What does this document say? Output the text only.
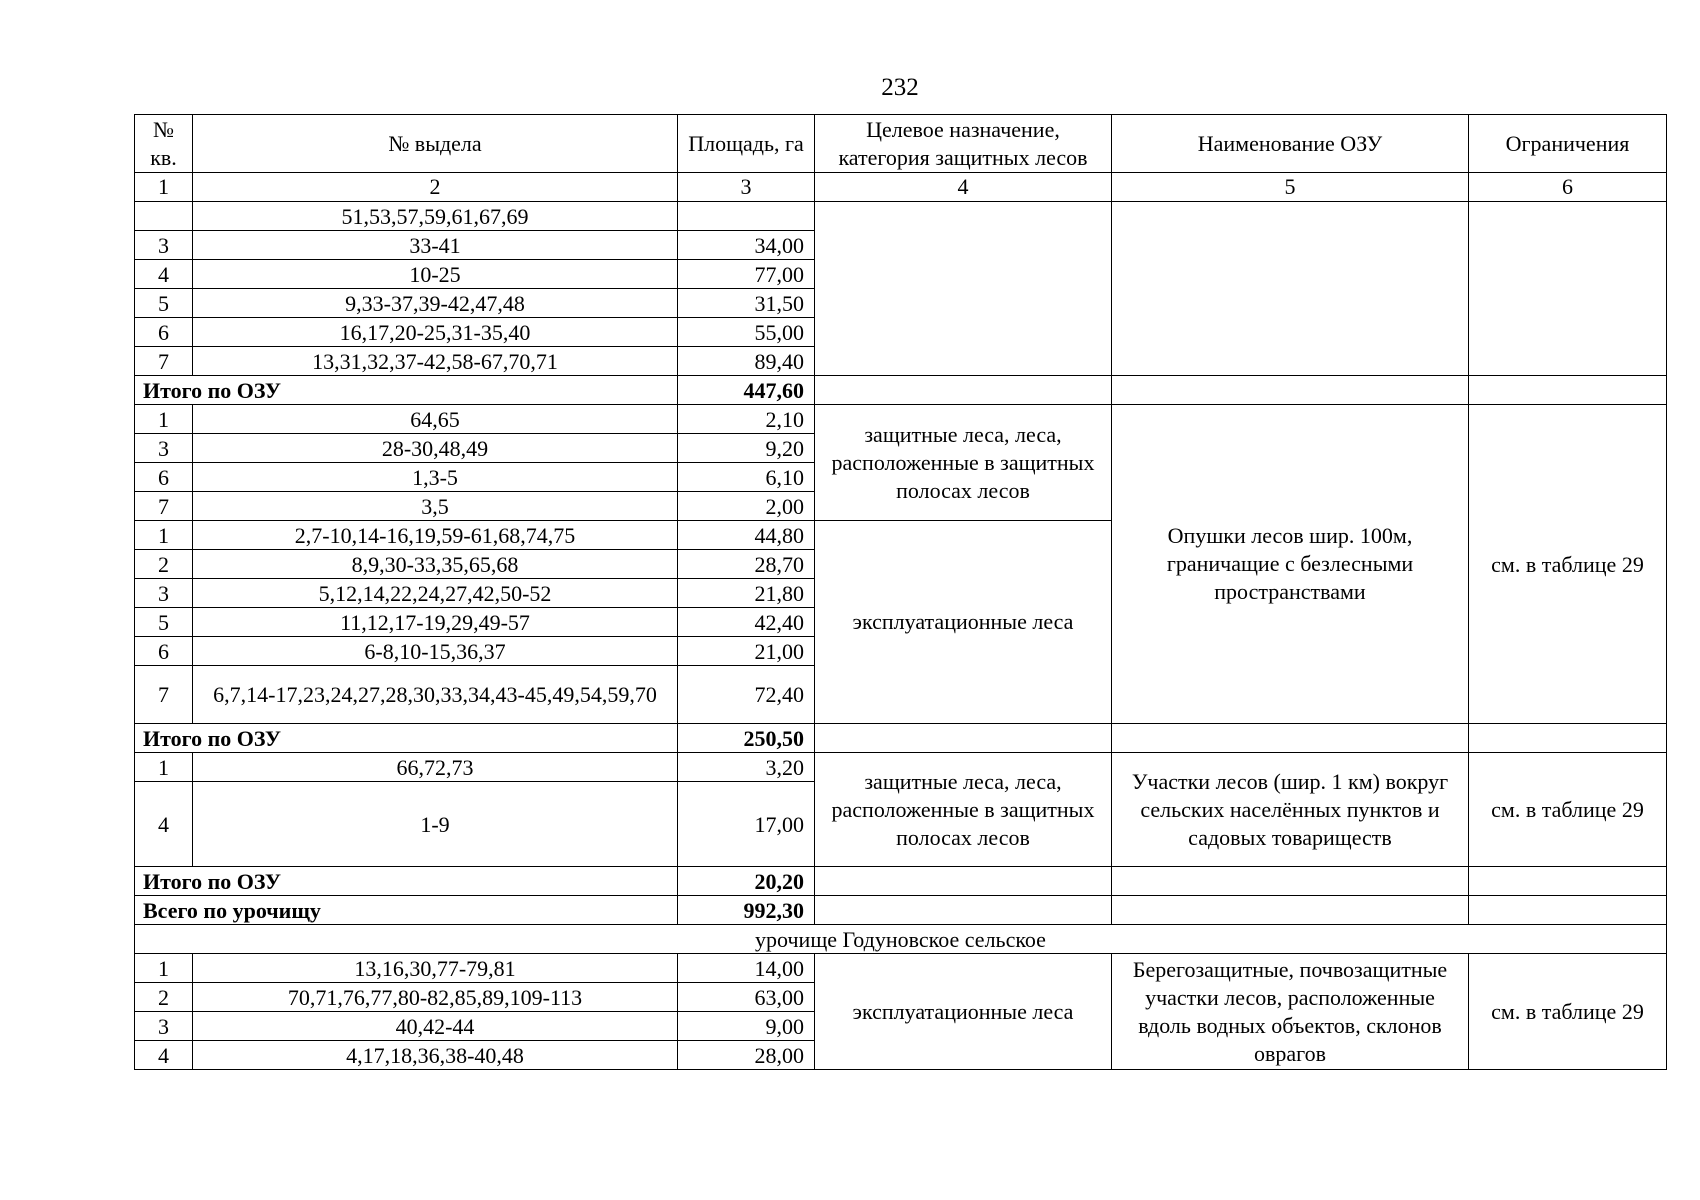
232
№ кв.	№ выдела	Площадь, га	Целевое назначение, категория защитных лесов	Наименование ОЗУ	Ограничения
1	2	3	4	5	6
	51,53,57,59,61,67,69				
3	33-41	34,00			
4	10-25	77,00			
5	9,33-37,39-42,47,48	31,50			
6	16,17,20-25,31-35,40	55,00			
7	13,31,32,37-42,58-67,70,71	89,40			
Итого по ОЗУ		447,60			
1	64,65	2,10	защитные леса, леса, расположенные в защитных полосах лесов	Опушки лесов шир. 100м, граничащие с безлесными пространствами	см. в таблице 29
3	28-30,48,49	9,20			
6	1,3-5	6,10			
7	3,5	2,00			
1	2,7-10,14-16,19,59-61,68,74,75	44,80	эксплуатационные леса		
2	8,9,30-33,35,65,68	28,70			
3	5,12,14,22,24,27,42,50-52	21,80			
5	11,12,17-19,29,49-57	42,40			
6	6-8,10-15,36,37	21,00			
7	6,7,14-17,23,24,27,28,30,33,34,43-45,49,54,59,70	72,40			
Итого по ОЗУ		250,50			
1	66,72,73	3,20	защитные леса, леса, расположенные в защитных полосах лесов	Участки лесов (шир. 1 км) вокруг сельских населённых пунктов и садовых товариществ	см. в таблице 29
4	1-9	17,00			
Итого по ОЗУ		20,20			
Всего по урочищу		992,30			
урочище Годуновское сельское					
1	13,16,30,77-79,81	14,00	эксплуатационные леса	Берегозащитные, почвозащитные участки лесов, расположенные вдоль водных объектов, склонов оврагов	см. в таблице 29
2	70,71,76,77,80-82,85,89,109-113	63,00			
3	40,42-44	9,00			
4	4,17,18,36,38-40,48	28,00			
